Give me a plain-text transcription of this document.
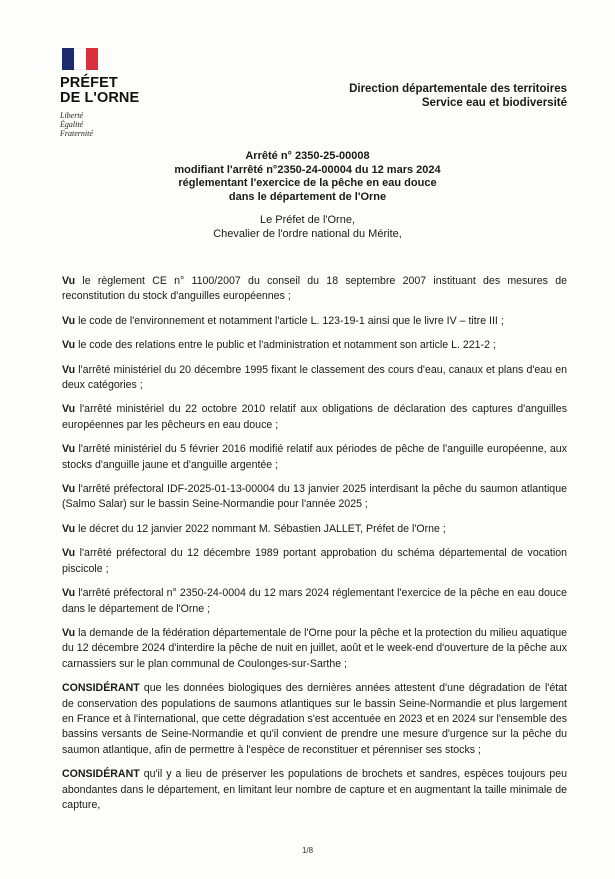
PRÉFET
DE L'ORNE
Liberté
Égalité
Fraternité
Direction départementale des territoires
Service eau et biodiversité
Arrêté n° 2350-25-00008
modifiant l'arrêté n°2350-24-00004 du 12 mars 2024
réglementant l'exercice de la pêche en eau douce
dans le département de l'Orne
Le Préfet de l'Orne,
Chevalier de l'ordre national du Mérite,

Vu le règlement CE n° 1100/2007 du conseil du 18 septembre 2007 instituant des mesures de reconstitution du stock d'anguilles européennes ;

Vu le code de l'environnement et notamment l'article L. 123-19-1 ainsi que le livre IV – titre III ;

Vu le code des relations entre le public et l'administration et notamment son article L. 221-2 ;

Vu l'arrêté ministériel du 20 décembre 1995 fixant le classement des cours d'eau, canaux et plans d'eau en deux catégories ;

Vu l'arrêté ministériel du 22 octobre 2010 relatif aux obligations de déclaration des captures d'anguilles européennes par les pêcheurs en eau douce ;

Vu l'arrêté ministériel du 5 février 2016 modifié relatif aux périodes de pêche de l'anguille européenne, aux stocks d'anguille jaune et d'anguille argentée ;

Vu l'arrêté préfectoral IDF-2025-01-13-00004 du 13 janvier 2025 interdisant la pêche du saumon atlantique (Salmo Salar) sur le bassin Seine-Normandie pour l'année 2025 ;

Vu le décret du 12 janvier 2022 nommant M. Sébastien JALLET, Préfet de l'Orne ;

Vu l'arrêté préfectoral du 12 décembre 1989 portant approbation du schéma départemental de vocation piscicole ;

Vu l'arrêté préfectoral n° 2350-24-0004 du 12 mars 2024 réglementant l'exercice de la pêche en eau douce dans le département de l'Orne ;

Vu la demande de la fédération départementale de l'Orne pour la pêche et la protection du milieu aquatique du 12 décembre 2024 d'interdire la pêche de nuit en juillet, août et le week-end d'ouverture de la pêche aux carnassiers sur le plan communal de Coulonges-sur-Sarthe ;

CONSIDÉRANT que les données biologiques des dernières années attestent d'une dégradation de l'état de conservation des populations de saumons atlantiques sur le bassin Seine-Normandie et plus largement en France et à l'international, que cette dégradation s'est accentuée en 2023 et en 2024 sur l'ensemble des bassins versants de Seine-Normandie et qu'il convient de prendre une mesure d'urgence sur la pêche du saumon atlantique, afin de permettre à l'espèce de reconstituer et pérenniser ses stocks ;

CONSIDÉRANT qu'il y a lieu de préserver les populations de brochets et sandres, espèces toujours peu abondantes dans le département, en limitant leur nombre de capture et en augmentant la taille minimale de capture,

1/8
